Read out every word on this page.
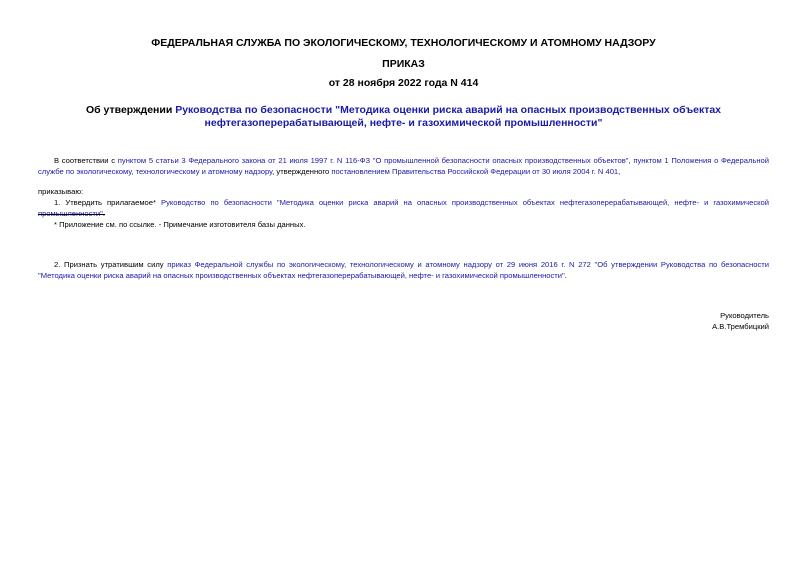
ФЕДЕРАЛЬНАЯ СЛУЖБА ПО ЭКОЛОГИЧЕСКОМУ, ТЕХНОЛОГИЧЕСКОМУ И АТОМНОМУ НАДЗОРУ
ПРИКАЗ
от 28 ноября 2022 года N 414
Об утверждении Руководства по безопасности "Методика оценки риска аварий на опасных производственных объектах нефтегазоперерабатывающей, нефте- и газохимической промышленности"
В соответствии с пунктом 5 статьи 3 Федерального закона от 21 июля 1997 г. N 116-ФЗ "О промышленной безопасности опасных производственных объектов", пунктом 1 Положения о Федеральной службе по экологическому, технологическому и атомному надзору, утвержденного постановлением Правительства Российской Федерации от 30 июля 2004 г. N 401,
приказываю:
1. Утвердить прилагаемое* Руководство по безопасности "Методика оценки риска аварий на опасных производственных объектах нефтегазоперерабатывающей, нефте- и газохимической промышленности".
* Приложение см. по ссылке. - Примечание изготовителя базы данных.
2. Признать утратившим силу приказ Федеральной службы по экологическому, технологическому и атомному надзору от 29 июня 2016 г. N 272 "Об утверждении Руководства по безопасности "Методика оценки риска аварий на опасных производственных объектах нефтегазоперерабатывающей, нефте- и газохимической промышленности".
Руководитель
А.В.Трембицкий
